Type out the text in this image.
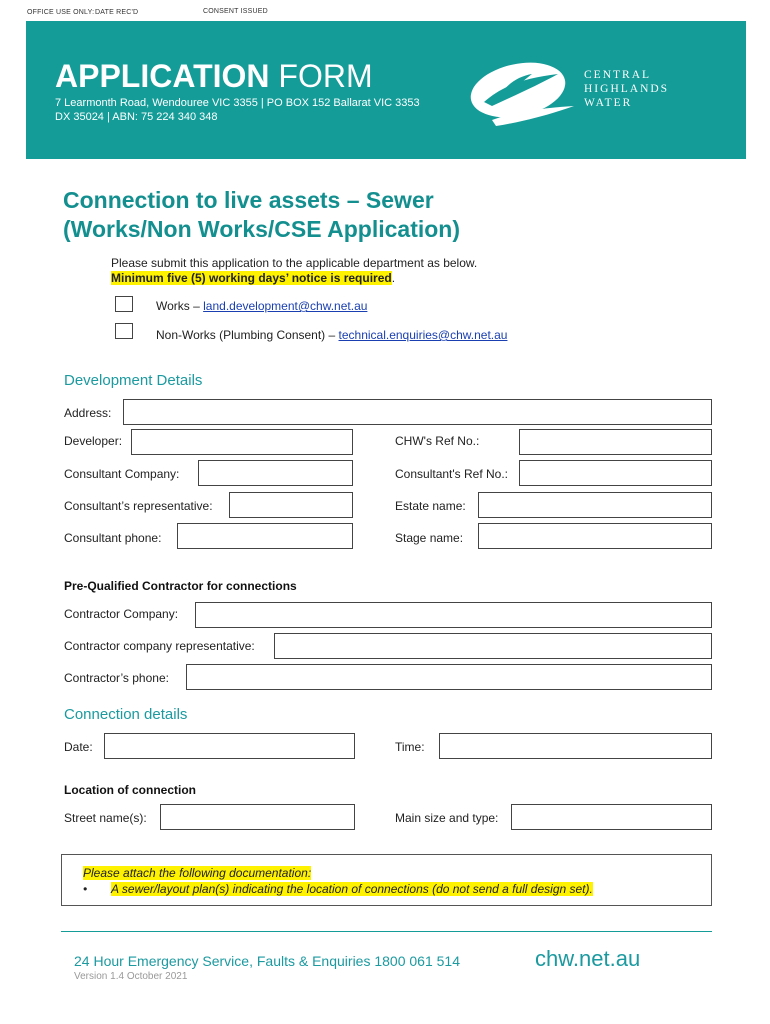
OFFICE USE ONLY: DATE REC'D	CONSENT ISSUED
APPLICATION FORM
7 Learmonth Road, Wendouree VIC 3355 | PO BOX 152 Ballarat VIC 3353
DX 35024 | ABN: 75 224 340 348
CENTRAL
HIGHLANDS
WATER
Connection to live assets – Sewer
(Works/Non Works/CSE Application)
Please submit this application to the applicable department as below.
Minimum five (5) working days’ notice is required.
Works – land.development@chw.net.au
Non-Works (Plumbing Consent) – technical.enquiries@chw.net.au
Development Details
Address:
Developer:	CHW's Ref No.:
Consultant Company:	Consultant's Ref No.:
Consultant’s representative:	Estate name:
Consultant phone:	Stage name:
Pre-Qualified Contractor for connections
Contractor Company:
Contractor company representative:
Contractor’s phone:
Connection details
Date:	Time:
Location of connection
Street name(s):	Main size and type:
Please attach the following documentation:
• A sewer/layout plan(s) indicating the location of connections (do not send a full design set).
24 Hour Emergency Service, Faults & Enquiries 1800 061 514
Version 1.4 October 2021
chw.net.au
